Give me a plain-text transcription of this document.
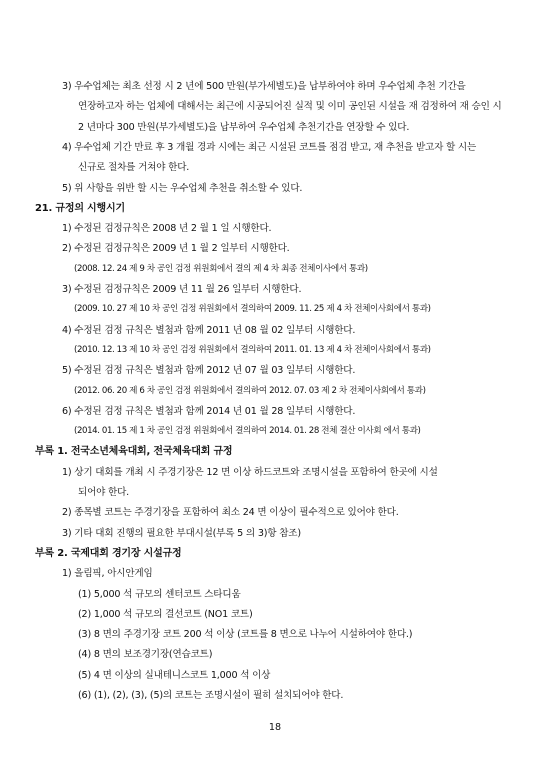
3) 우수업체는 최초 선정 시 2 년에 500 만원(부가세별도)을 납부하여야 하며 우수업체 추천 기간을
연장하고자 하는 업체에 대해서는 최근에 시공되어진 실적 및 이미 공인된 시설을 재 검정하여 재 승인 시
2 년마다 300 만원(부가세별도)을 납부하여 우수업체 추천기간을 연장할 수 있다.
4) 우수업체 기간 만료 후 3 개월 경과 시에는 최근 시설된 코트를 점검 받고, 재 추천을 받고자 할 시는
신규로 절차를 거쳐야 한다.
5) 위 사항을 위반 할 시는 우수업체 추천을 취소할 수 있다.
21. 규정의 시행시기
1) 수정된 검정규칙은 2008 년 2 월 1 일 시행한다.
2) 수정된 검정규칙은 2009 년 1 월 2 일부터 시행한다.
(2008. 12. 24 제 9 차 공인 검정 위원회에서 결의 제 4 차 최종 전체이사에서 통과)
3) 수정된 검정규칙은 2009 년 11 월 26 일부터 시행한다.
(2009. 10. 27 제 10 차 공인 검정 위원회에서 결의하여 2009. 11. 25 제 4 차 전체이사회에서 통과)
4) 수정된 검정 규칙은 별첨과 함께 2011 년 08 월 02 일부터 시행한다.
(2010. 12. 13 제 10 차 공인 검정 위원회에서 결의하여 2011. 01. 13 제 4 차 전체이사회에서 통과)
5) 수정된 검정 규칙은 별첨과 함께 2012 년 07 월 03 일부터 시행한다.
(2012. 06. 20 제 6 차 공인 검정 위원회에서 결의하여 2012. 07. 03 제 2 차 전체이사회에서 통과)
6) 수정된 검정 규칙은 별첨과 함께 2014 년 01 월 28 일부터 시행한다.
(2014. 01. 15 제 1 차 공인 검정 위원회에서 결의하여 2014. 01. 28 전체 결산 이사회 에서 통과)
부록 1. 전국소년체육대회, 전국체육대회 규정
1) 상기 대회를 개최 시 주경기장은 12 면 이상 하드코트와 조명시설을 포함하여 한곳에 시설
되어야 한다.
2) 종목별 코트는 주경기장을 포함하여 최소 24 면 이상이 필수적으로 있어야 한다.
3) 기타 대회 진행의 필요한 부대시설(부록 5 의 3)항 참조)
부록 2. 국제대회 경기장 시설규정
1) 올림픽, 아시안게임
(1) 5,000 석 규모의 센터코트 스타디움
(2) 1,000 석 규모의 결선코트 (NO1 코트)
(3) 8 면의 주경기장 코트 200 석 이상 (코트를 8 면으로 나누어 시설하여야 한다.)
(4) 8 면의 보조경기장(연습코트)
(5) 4 면 이상의 실내테니스코트 1,000 석 이상
(6) (1), (2), (3), (5)의 코트는 조명시설이 필히 설치되어야 한다.
18
